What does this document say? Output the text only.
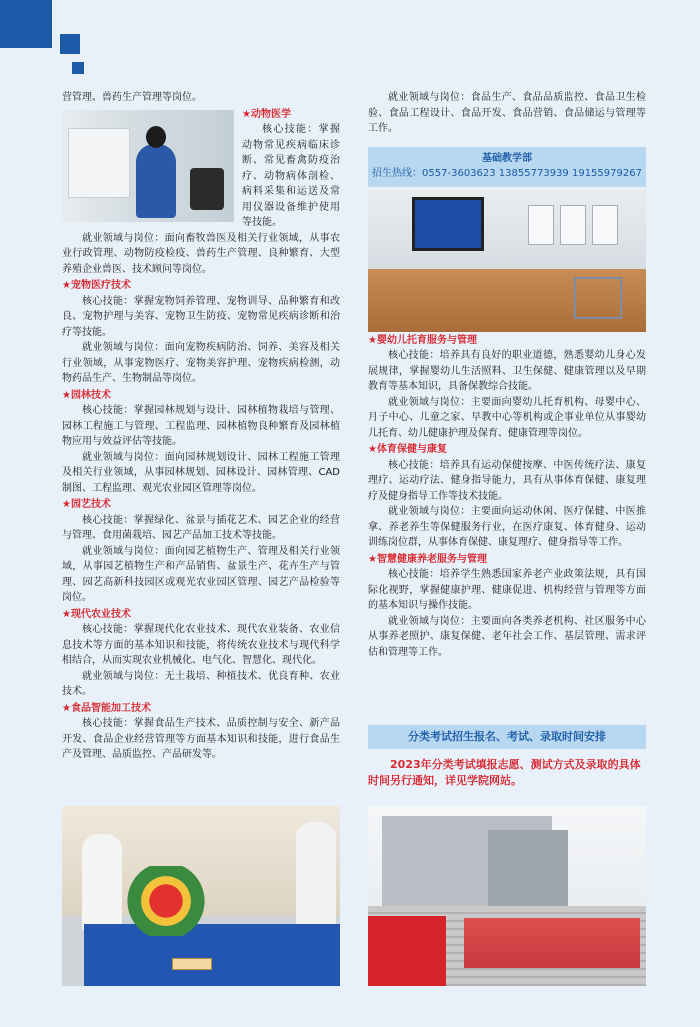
营管理、兽药生产管理等岗位。
★动物医学
核心技能：掌握动物常见疾病临床诊断、常见畜禽防疫治疗、动物病体剖检、病料采集和运送及常用仪器设备维护使用等技能。
就业领域与岗位：面向畜牧兽医及相关行业领域，从事农业行政管理、动物防疫检疫、兽药生产管理、良种繁育、大型养殖企业兽医、技术顾问等岗位。
★宠物医疗技术
核心技能：掌握宠物饲养管理、宠物训导、品种繁育和改良、宠物护理与美容、宠物卫生防疫、宠物常见疾病诊断和治疗等技能。
就业领域与岗位：面向宠物疾病防治、饲养、美容及相关行业领域，从事宠物医疗、宠物美容护理、宠物疾病检测，动物药品生产、生物制品等岗位。
★园林技术
核心技能：掌握园林规划与设计、园林植物栽培与管理、园林工程施工与管理、工程监理、园林植物良种繁育及园林植物应用与效益评估等技能。
就业领域与岗位：面向园林规划设计、园林工程施工管理及相关行业领域，从事园林规划、园林设计、园林管理、CAD制图、工程监理、观光农业园区管理等岗位。
★园艺技术
核心技能：掌握绿化、盆景与插花艺术、园艺企业的经营与管理、食用菌栽培、园艺产品加工技术等技能。
就业领域与岗位：面向园艺植物生产、管理及相关行业领域，从事园艺植物生产和产品销售、盆景生产、花卉生产与管理、园艺高新科技园区或观光农业园区管理、园艺产品检验等岗位。
★现代农业技术
核心技能：掌握现代化农业技术、现代农业装备、农业信息技术等方面的基本知识和技能，将传统农业技术与现代科学相结合，从而实现农业机械化、电气化、智慧化、现代化。
就业领域与岗位：无土栽培、种植技术、优良育种、农业技术。
★食品智能加工技术
核心技能：掌握食品生产技术、品质控制与安全、新产品开发、食品企业经营管理等方面基本知识和技能，进行食品生产及管理、品质监控、产品研发等。
就业领域与岗位：食品生产、食品品质监控、食品卫生检验、食品工程设计、食品开发、食品营销、食品储运与管理等工作。
基础教学部
招生热线：0557-3603623 13855773939 19155979267
★婴幼儿托育服务与管理
核心技能：培养具有良好的职业道德，熟悉婴幼儿身心发展规律，掌握婴幼儿生活照料、卫生保健、健康管理以及早期教育等基本知识，具备保教综合技能。
就业领域与岗位：主要面向婴幼儿托育机构、母婴中心、月子中心、儿童之家、早教中心等机构或企事业单位从事婴幼儿托育、幼儿健康护理及保育、健康管理等岗位。
★体育保健与康复
核心技能：培养具有运动保健按摩、中医传统疗法、康复理疗、运动疗法、健身指导能力，具有从事体育保健、康复理疗及健身指导工作等技术技能。
就业领域与岗位：主要面向运动休闲、医疗保健、中医推拿、养老养生等保健服务行业，在医疗康复、体育健身、运动训练岗位群，从事体育保健、康复理疗、健身指导等工作。
★智慧健康养老服务与管理
核心技能：培养学生熟悉国家养老产业政策法规，具有国际化视野，掌握健康护理、健康促进、机构经营与管理等方面的基本知识与操作技能。
就业领域与岗位：主要面向各类养老机构、社区服务中心从事养老照护、康复保健、老年社会工作、基层管理、需求评估和管理等工作。
分类考试招生报名、考试、录取时间安排
2023年分类考试填报志愿、测试方式及录取的具体时间另行通知，详见学院网站。
